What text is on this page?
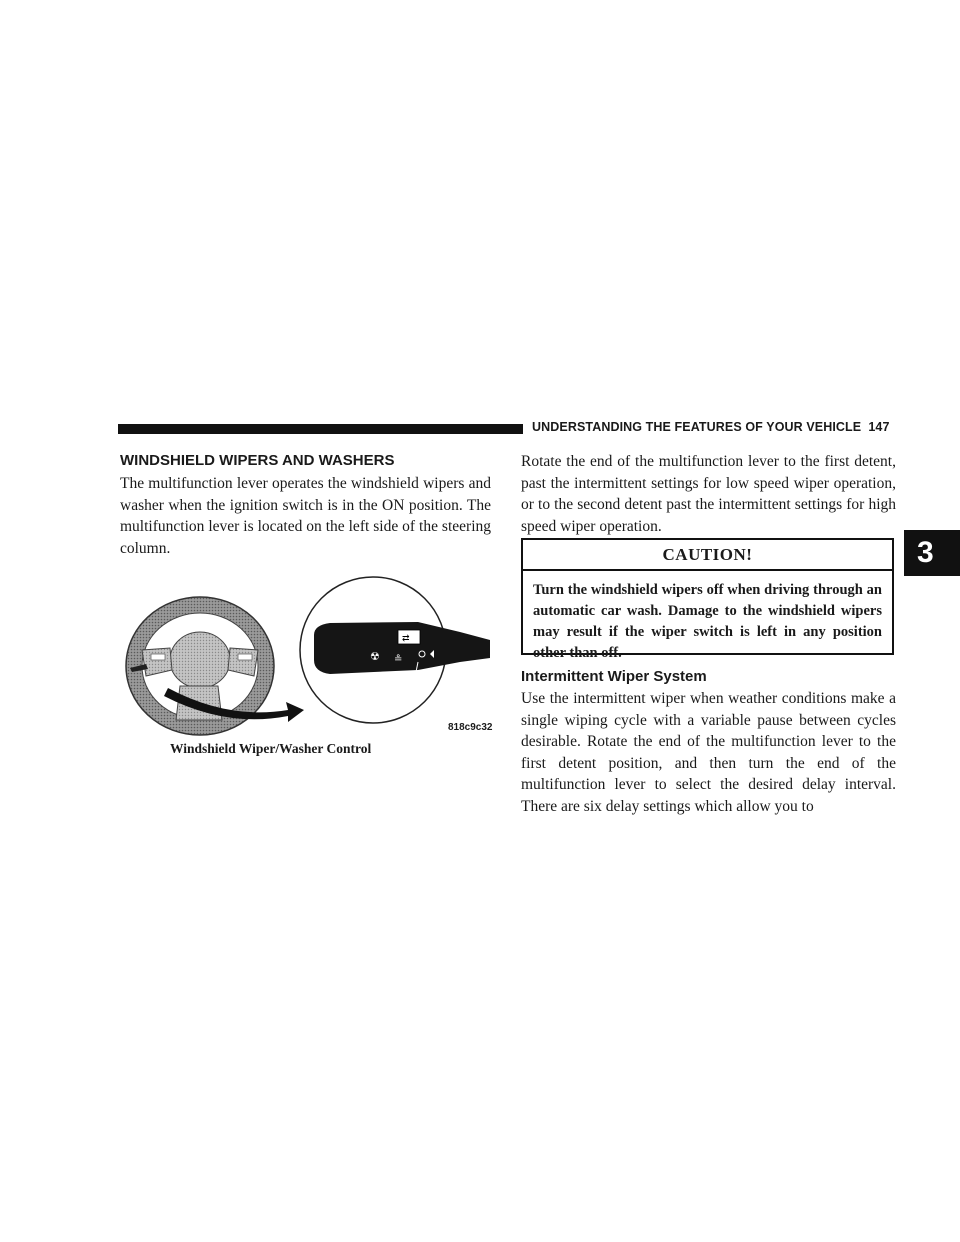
UNDERSTANDING THE FEATURES OF YOUR VEHICLE 147
WINDSHIELD WIPERS AND WASHERS
The multifunction lever operates the windshield wipers and washer when the ignition switch is in the ON position. The multifunction lever is located on the left side of the steering column.
⇄
☢ ≗
818c9c32
Windshield Wiper/Washer Control
Rotate the end of the multifunction lever to the first detent, past the intermittent settings for low speed wiper operation, or to the second detent past the intermittent settings for high speed wiper operation.
CAUTION!
Turn the windshield wipers off when driving through an automatic car wash. Damage to the windshield wipers may result if the wiper switch is left in any position other than off.
Intermittent Wiper System
Use the intermittent wiper when weather conditions make a single wiping cycle with a variable pause between cycles desirable. Rotate the end of the multifunction lever to the first detent position, and then turn the end of the multifunction lever to select the desired delay interval. There are six delay settings which allow you to
3
